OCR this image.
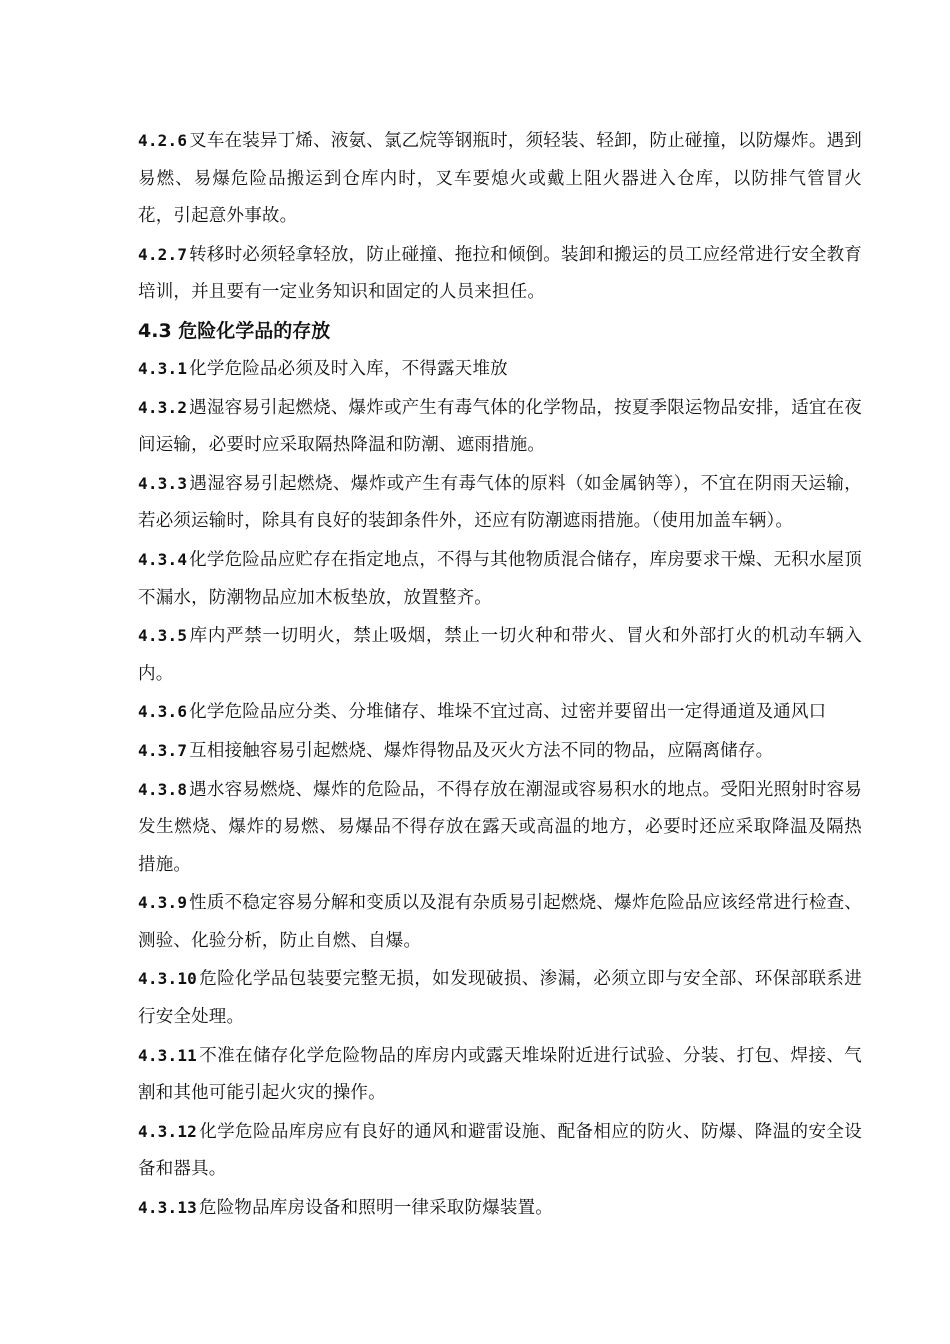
4.2.6 叉车在装异丁烯、液氨、氯乙烷等钢瓶时，须轻装、轻卸，防止碰撞，以防爆炸。遇到易燃、易爆危险品搬运到仓库内时，叉车要熄火或戴上阻火器进入仓库，以防排气管冒火花，引起意外事故。

4.2.7 转移时必须轻拿轻放，防止碰撞、拖拉和倾倒。装卸和搬运的员工应经常进行安全教育培训，并且要有一定业务知识和固定的人员来担任。

4.3 危险化学品的存放

4.3.1 化学危险品必须及时入库，不得露天堆放

4.3.2 遇湿容易引起燃烧、爆炸或产生有毒气体的化学物品，按夏季限运物品安排，适宜在夜间运输，必要时应采取隔热降温和防潮、遮雨措施。

4.3.3 遇湿容易引起燃烧、爆炸或产生有毒气体的原料（如金属钠等），不宜在阴雨天运输，若必须运输时，除具有良好的装卸条件外，还应有防潮遮雨措施。（使用加盖车辆）。

4.3.4 化学危险品应贮存在指定地点，不得与其他物质混合储存，库房要求干燥、无积水屋顶不漏水，防潮物品应加木板垫放，放置整齐。

4.3.5 库内严禁一切明火，禁止吸烟，禁止一切火种和带火、冒火和外部打火的机动车辆入内。

4.3.6 化学危险品应分类、分堆储存、堆垛不宜过高、过密并要留出一定得通道及通风口

4.3.7 互相接触容易引起燃烧、爆炸得物品及灭火方法不同的物品，应隔离储存。

4.3.8 遇水容易燃烧、爆炸的危险品，不得存放在潮湿或容易积水的地点。受阳光照射时容易发生燃烧、爆炸的易燃、易爆品不得存放在露天或高温的地方，必要时还应采取降温及隔热措施。

4.3.9 性质不稳定容易分解和变质以及混有杂质易引起燃烧、爆炸危险品应该经常进行检查、测验、化验分析，防止自燃、自爆。

4.3.10 危险化学品包装要完整无损，如发现破损、渗漏，必须立即与安全部、环保部联系进行安全处理。

4.3.11 不准在储存化学危险物品的库房内或露天堆垛附近进行试验、分装、打包、焊接、气割和其他可能引起火灾的操作。

4.3.12 化学危险品库房应有良好的通风和避雷设施、配备相应的防火、防爆、降温的安全设备和器具。

4.3.13 危险物品库房设备和照明一律采取防爆装置。
